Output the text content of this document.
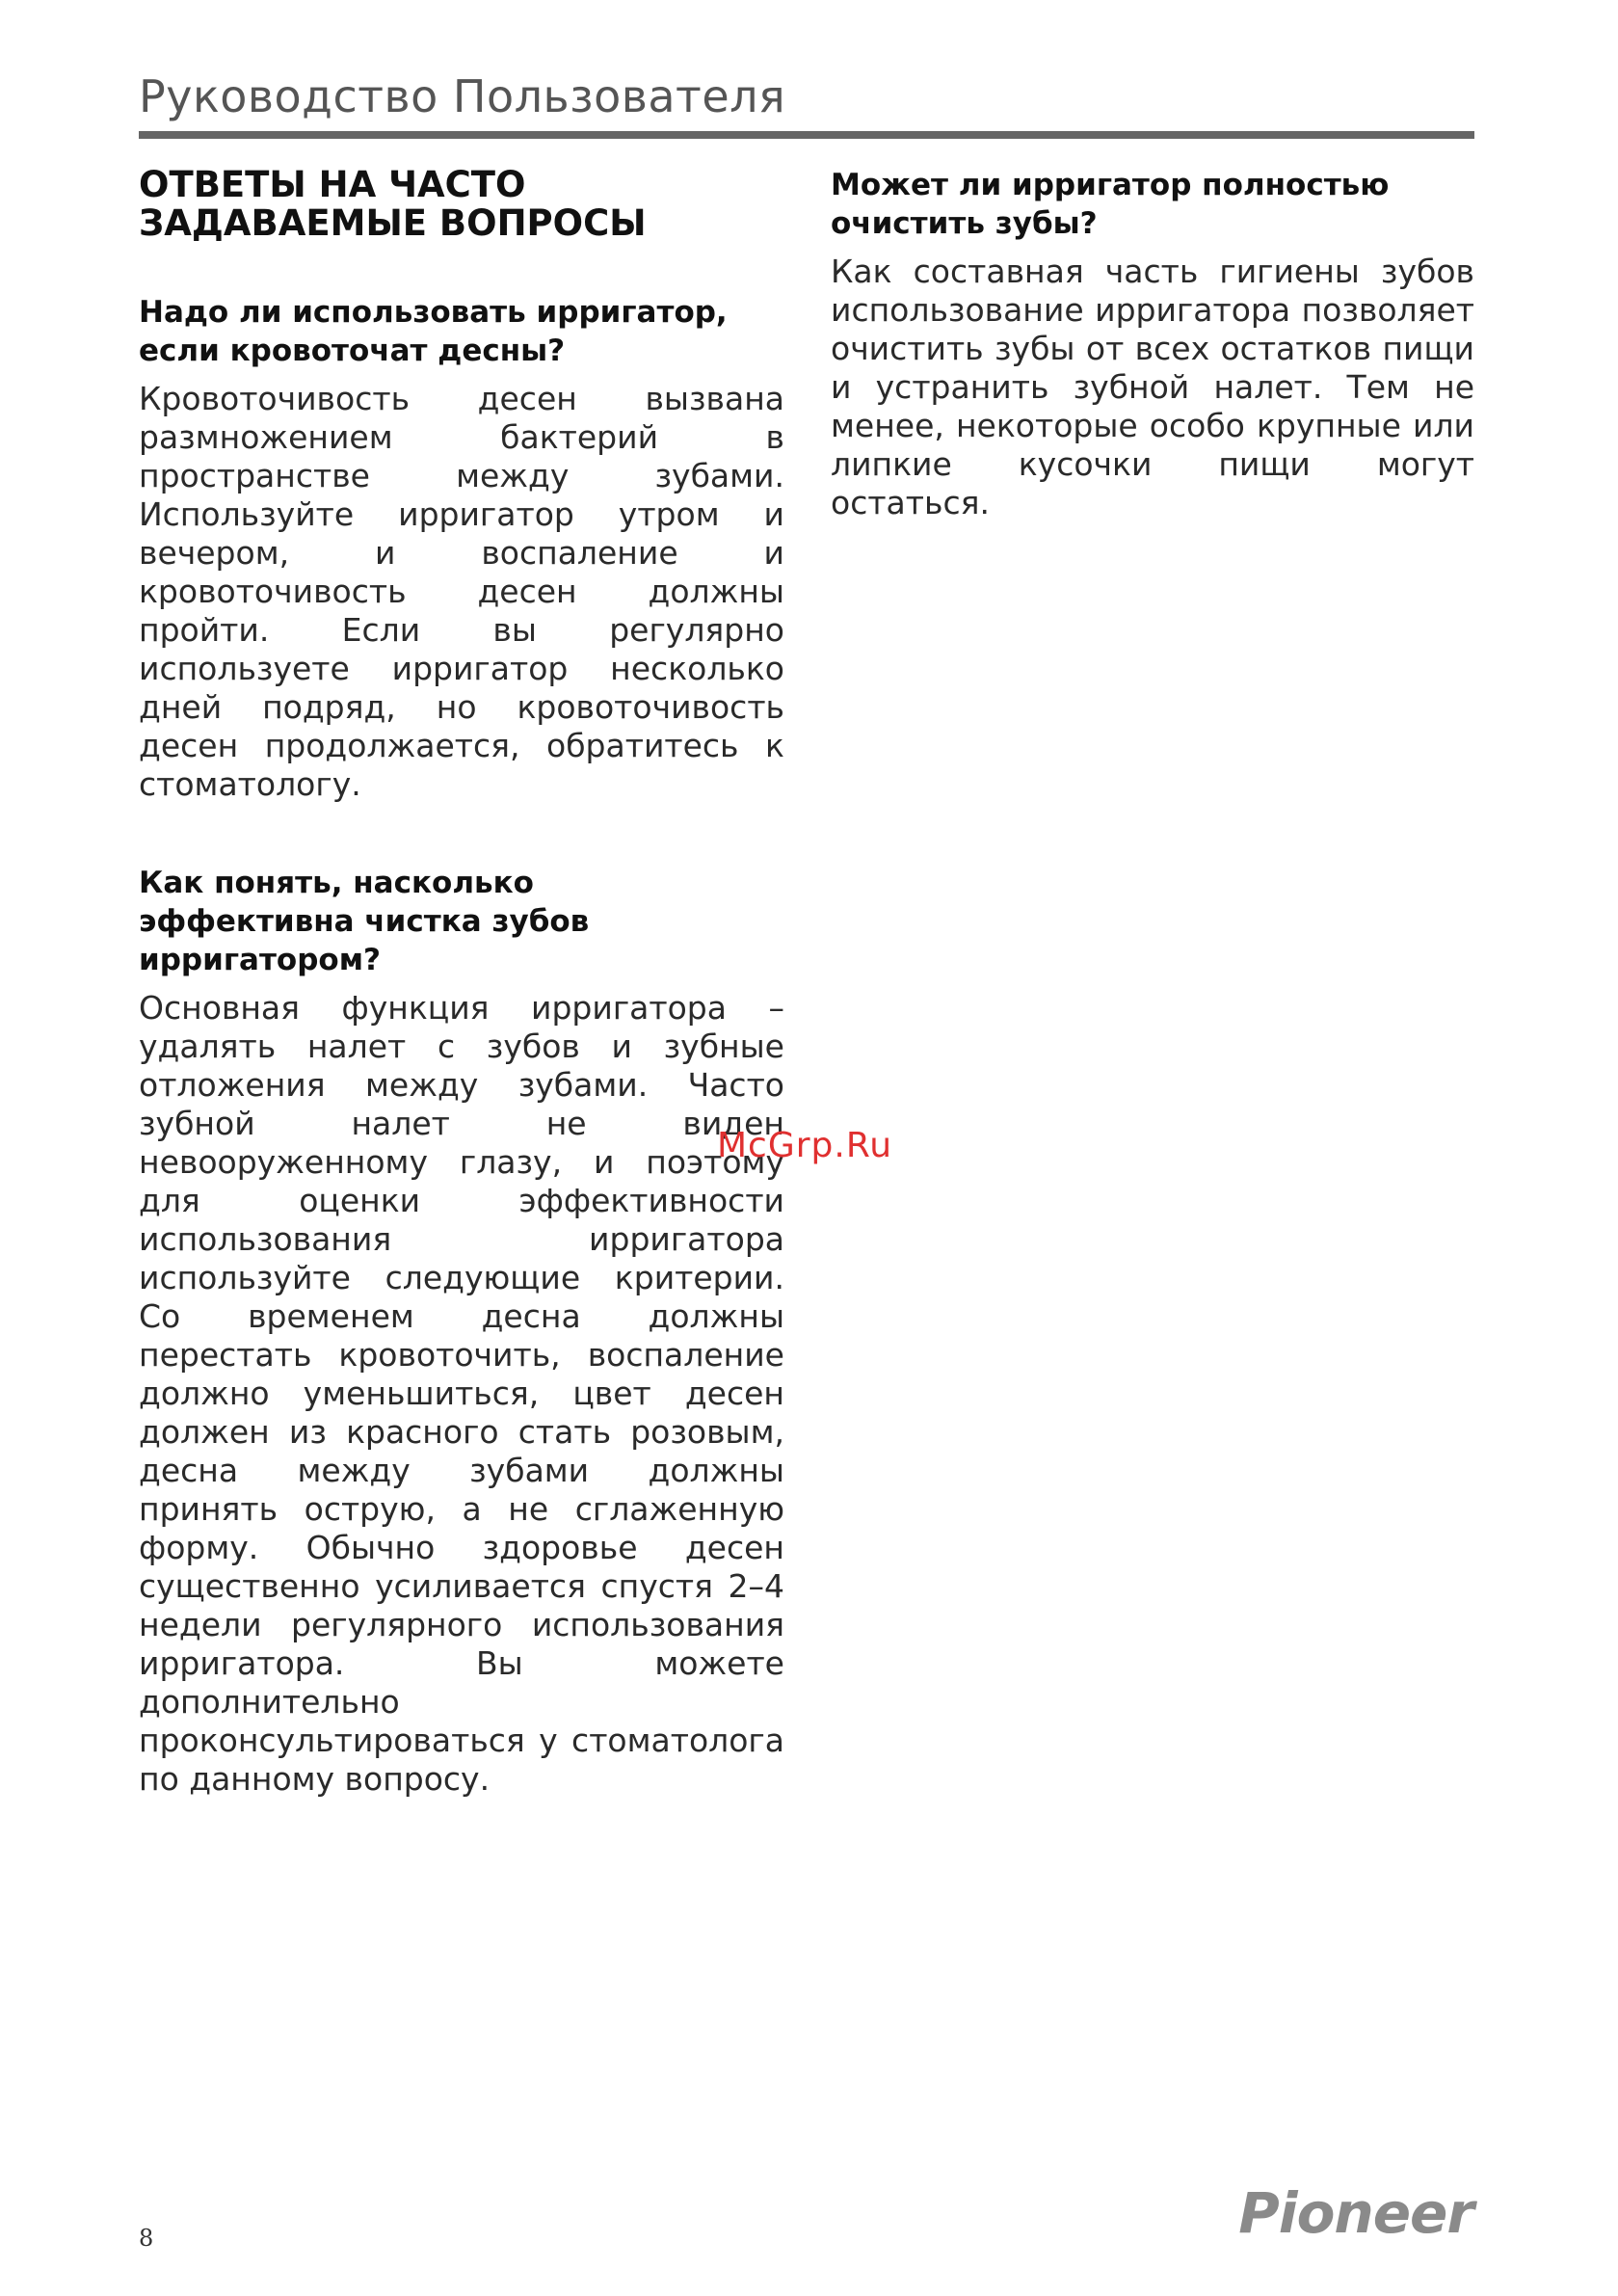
Руководство Пользователя
ОТВЕТЫ НА ЧАСТО
ЗАДАВАЕМЫЕ ВОПРОСЫ
Надо ли использовать ирригатор,
если кровоточат десны?

Кровоточивость десен вызвана размножением бактерий в пространстве между зубами. Используйте ирригатор утром и вечером, и воспаление и кровоточивость десен должны пройти. Если вы регулярно используете ирригатор несколько дней подряд, но кровоточивость десен продолжается, обратитесь к стоматологу.

Как понять, насколько
эффективна чистка зубов
ирригатором?

Основная функция ирригатора – удалять налет с зубов и зубные отложения между зубами. Часто зубной налет не виден невооруженному глазу, и поэтому для оценки эффективности использования ирригатора используйте следующие критерии. Со временем десна должны перестать кровоточить, воспаление должно уменьшиться, цвет десен должен из красного стать розовым, десна между зубами должны принять острую, а не сглаженную форму. Обычно здоровье десен существенно усиливается спустя 2–4 недели регулярного использования ирригатора. Вы можете дополнительно проконсультироваться у стоматолога по данному вопросу.

Может ли ирригатор полностью
очистить зубы?

Как составная часть гигиены зубов использование ирригатора позволяет очистить зубы от всех остатков пищи и устранить зубной налет. Тем не менее, некоторые особо крупные или липкие кусочки пищи могут остаться.

McGrp.Ru
8	Pioneer
